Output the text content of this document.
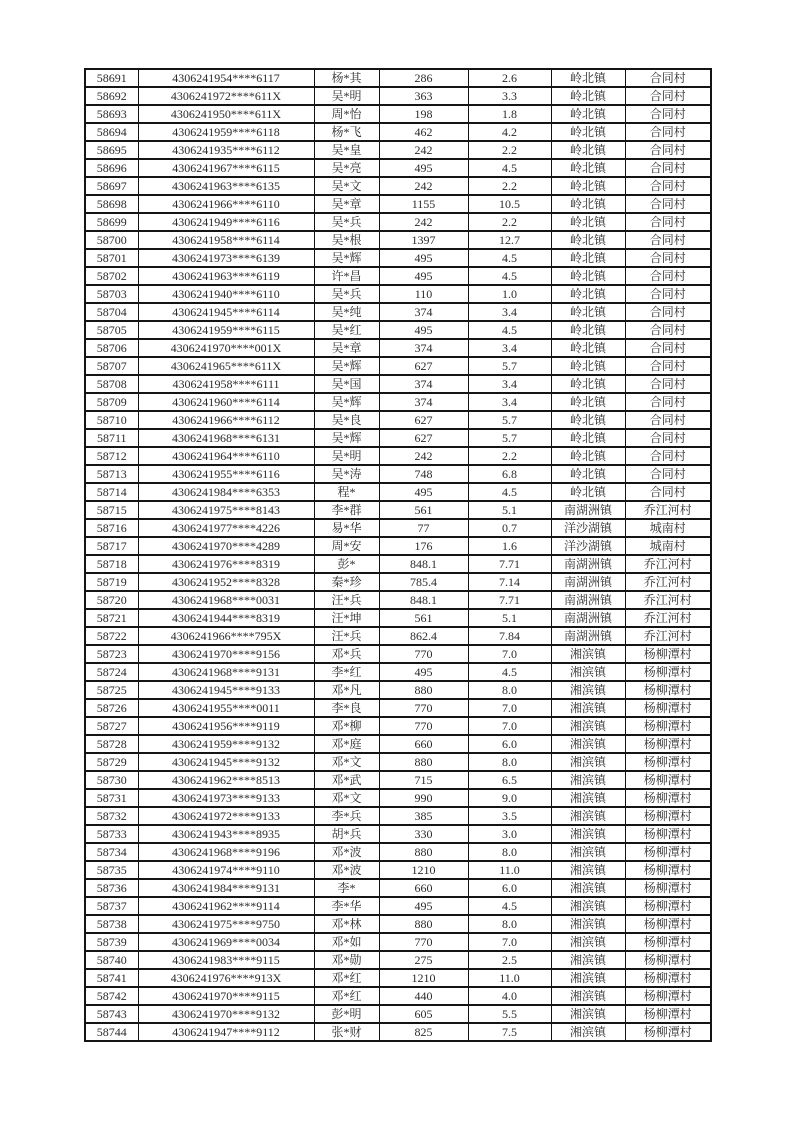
58691	4306241954****6117	杨*其	286	2.6	岭北镇	合同村
58692	4306241972****611X	吴*明	363	3.3	岭北镇	合同村
58693	4306241950****611X	周*怡	198	1.8	岭北镇	合同村
58694	4306241959****6118	杨*飞	462	4.2	岭北镇	合同村
58695	4306241935****6112	吴*皇	242	2.2	岭北镇	合同村
58696	4306241967****6115	吴*亮	495	4.5	岭北镇	合同村
58697	4306241963****6135	吴*文	242	2.2	岭北镇	合同村
58698	4306241966****6110	吴*章	1155	10.5	岭北镇	合同村
58699	4306241949****6116	吴*兵	242	2.2	岭北镇	合同村
58700	4306241958****6114	吴*根	1397	12.7	岭北镇	合同村
58701	4306241973****6139	吴*辉	495	4.5	岭北镇	合同村
58702	4306241963****6119	许*昌	495	4.5	岭北镇	合同村
58703	4306241940****6110	吴*兵	110	1.0	岭北镇	合同村
58704	4306241945****6114	吴*纯	374	3.4	岭北镇	合同村
58705	4306241959****6115	吴*红	495	4.5	岭北镇	合同村
58706	4306241970****001X	吴*章	374	3.4	岭北镇	合同村
58707	4306241965****611X	吴*辉	627	5.7	岭北镇	合同村
58708	4306241958****6111	吴*国	374	3.4	岭北镇	合同村
58709	4306241960****6114	吴*辉	374	3.4	岭北镇	合同村
58710	4306241966****6112	吴*良	627	5.7	岭北镇	合同村
58711	4306241968****6131	吴*辉	627	5.7	岭北镇	合同村
58712	4306241964****6110	吴*明	242	2.2	岭北镇	合同村
58713	4306241955****6116	吴*涛	748	6.8	岭北镇	合同村
58714	4306241984****6353	程*	495	4.5	岭北镇	合同村
58715	4306241975****8143	李*群	561	5.1	南湖洲镇	乔江河村
58716	4306241977****4226	易*华	77	0.7	洋沙湖镇	城南村
58717	4306241970****4289	周*安	176	1.6	洋沙湖镇	城南村
58718	4306241976****8319	彭*	848.1	7.71	南湖洲镇	乔江河村
58719	4306241952****8328	秦*珍	785.4	7.14	南湖洲镇	乔江河村
58720	4306241968****0031	汪*兵	848.1	7.71	南湖洲镇	乔江河村
58721	4306241944****8319	汪*坤	561	5.1	南湖洲镇	乔江河村
58722	4306241966****795X	汪*兵	862.4	7.84	南湖洲镇	乔江河村
58723	4306241970****9156	邓*兵	770	7.0	湘滨镇	杨柳潭村
58724	4306241968****9131	李*红	495	4.5	湘滨镇	杨柳潭村
58725	4306241945****9133	邓*凡	880	8.0	湘滨镇	杨柳潭村
58726	4306241955****0011	李*良	770	7.0	湘滨镇	杨柳潭村
58727	4306241956****9119	邓*柳	770	7.0	湘滨镇	杨柳潭村
58728	4306241959****9132	邓*庭	660	6.0	湘滨镇	杨柳潭村
58729	4306241945****9132	邓*文	880	8.0	湘滨镇	杨柳潭村
58730	4306241962****8513	邓*武	715	6.5	湘滨镇	杨柳潭村
58731	4306241973****9133	邓*文	990	9.0	湘滨镇	杨柳潭村
58732	4306241972****9133	李*兵	385	3.5	湘滨镇	杨柳潭村
58733	4306241943****8935	胡*兵	330	3.0	湘滨镇	杨柳潭村
58734	4306241968****9196	邓*波	880	8.0	湘滨镇	杨柳潭村
58735	4306241974****9110	邓*波	1210	11.0	湘滨镇	杨柳潭村
58736	4306241984****9131	李*	660	6.0	湘滨镇	杨柳潭村
58737	4306241962****9114	李*华	495	4.5	湘滨镇	杨柳潭村
58738	4306241975****9750	邓*林	880	8.0	湘滨镇	杨柳潭村
58739	4306241969****0034	邓*如	770	7.0	湘滨镇	杨柳潭村
58740	4306241983****9115	邓*勋	275	2.5	湘滨镇	杨柳潭村
58741	4306241976****913X	邓*红	1210	11.0	湘滨镇	杨柳潭村
58742	4306241970****9115	邓*红	440	4.0	湘滨镇	杨柳潭村
58743	4306241970****9132	彭*明	605	5.5	湘滨镇	杨柳潭村
58744	4306241947****9112	张*财	825	7.5	湘滨镇	杨柳潭村
